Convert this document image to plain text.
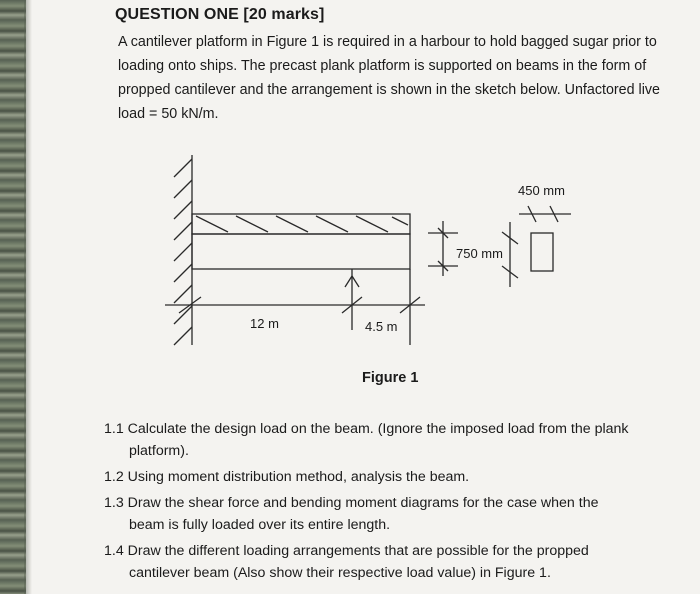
QUESTION ONE [20 marks]
A cantilever platform in Figure 1 is required in a harbour to hold bagged sugar prior to
loading onto ships. The precast plank platform is supported on beams in the form of
propped cantilever and the arrangement is shown in the sketch below. Unfactored live
load = 50 kN/m.
12 m	4.5 m
750 mm
450 mm
Figure 1
1.1 Calculate the design load on the beam. (Ignore the imposed load from the plank
platform).
1.2 Using moment distribution method, analysis the beam.
1.3 Draw the shear force and bending moment diagrams for the case when the
beam is fully loaded over its entire length.
1.4 Draw the different loading arrangements that are possible for the propped
cantilever beam (Also show their respective load value) in Figure 1.
